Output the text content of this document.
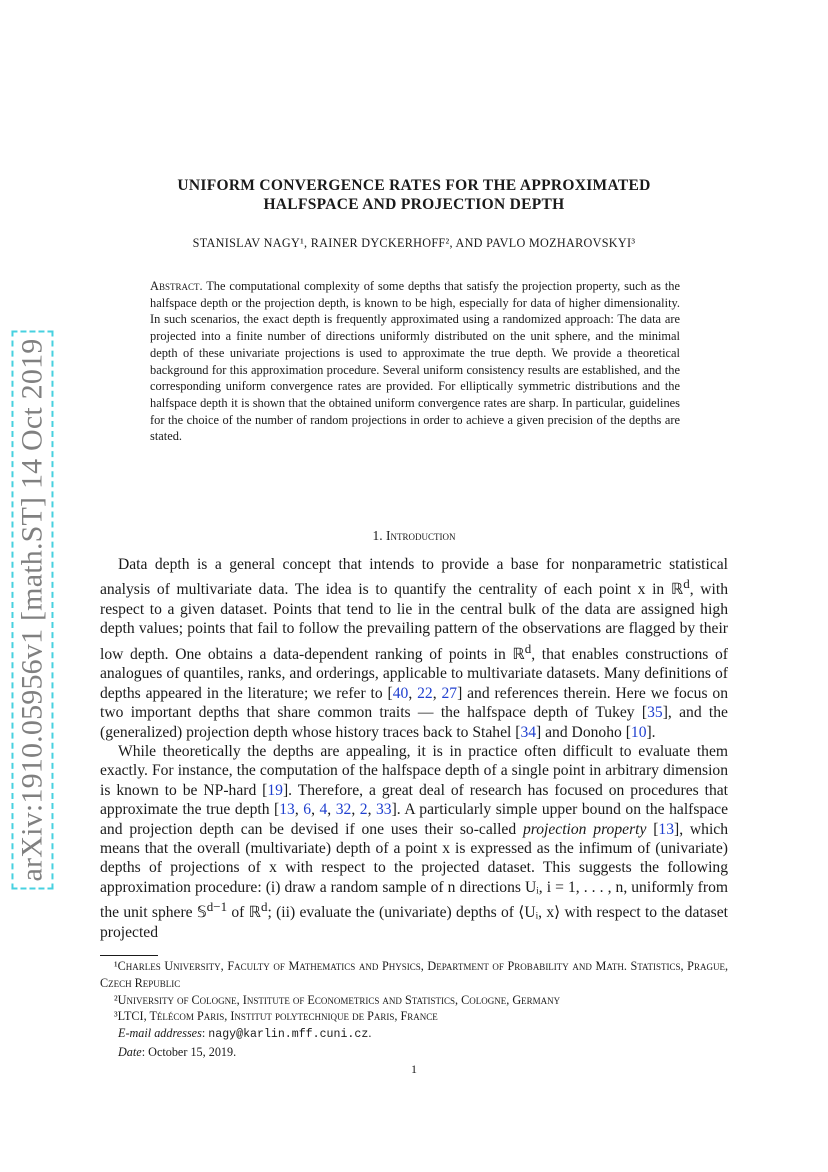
arXiv:1910.05956v1 [math.ST] 14 Oct 2019
UNIFORM CONVERGENCE RATES FOR THE APPROXIMATED
HALFSPACE AND PROJECTION DEPTH

STANISLAV NAGY¹, RAINER DYCKERHOFF², AND PAVLO MOZHAROVSKYI³

Abstract. The computational complexity of some depths that satisfy the projection property, such as the halfspace depth or the projection depth, is known to be high, especially for data of higher dimensionality. In such scenarios, the exact depth is frequently approximated using a randomized approach: The data are projected into a finite number of directions uniformly distributed on the unit sphere, and the minimal depth of these univariate projections is used to approximate the true depth. We provide a theoretical background for this approximation procedure. Several uniform consistency results are established, and the corresponding uniform convergence rates are provided. For elliptically symmetric distributions and the halfspace depth it is shown that the obtained uniform convergence rates are sharp. In particular, guidelines for the choice of the number of random projections in order to achieve a given precision of the depths are stated.
1. Introduction

Data depth is a general concept that intends to provide a base for nonparametric statistical analysis of multivariate data. The idea is to quantify the centrality of each point x in ℝ$^d$, with respect to a given dataset. Points that tend to lie in the central bulk of the data are assigned high depth values; points that fail to follow the prevailing pattern of the observations are flagged by their low depth. One obtains a data-dependent ranking of points in ℝ$^d$, that enables constructions of analogues of quantiles, ranks, and orderings, applicable to multivariate datasets. Many definitions of depths appeared in the literature; we refer to [40, 22, 27] and references therein. Here we focus on two important depths that share common traits — the halfspace depth of Tukey [35], and the (generalized) projection depth whose history traces back to Stahel [34] and Donoho [10].

While theoretically the depths are appealing, it is in practice often difficult to evaluate them exactly. For instance, the computation of the halfspace depth of a single point in arbitrary dimension is known to be NP-hard [19]. Therefore, a great deal of research has focused on procedures that approximate the true depth [13, 6, 4, 32, 2, 33]. A particularly simple upper bound on the halfspace and projection depth can be devised if one uses their so-called projection property [13], which means that the overall (multivariate) depth of a point x is expressed as the infimum of (univariate) depths of projections of x with respect to the projected dataset. This suggests the following approximation procedure: (i) draw a random sample of n directions Uᵢ, i = 1, . . . , n, uniformly from the unit sphere 𝕊$^{d-1}$ of ℝ$^d$; (ii) evaluate the (univariate) depths of ⟨Uᵢ, x⟩ with respect to the dataset projected

¹Charles University, Faculty of Mathematics and Physics, Department of Probability and Math. Statistics, Prague, Czech Republic

²University of Cologne, Institute of Econometrics and Statistics, Cologne, Germany

³LTCI, Télécom Paris, Institut polytechnique de Paris, France

E-mail addresses: nagy@karlin.mff.cuni.cz.

Date: October 15, 2019.

1
